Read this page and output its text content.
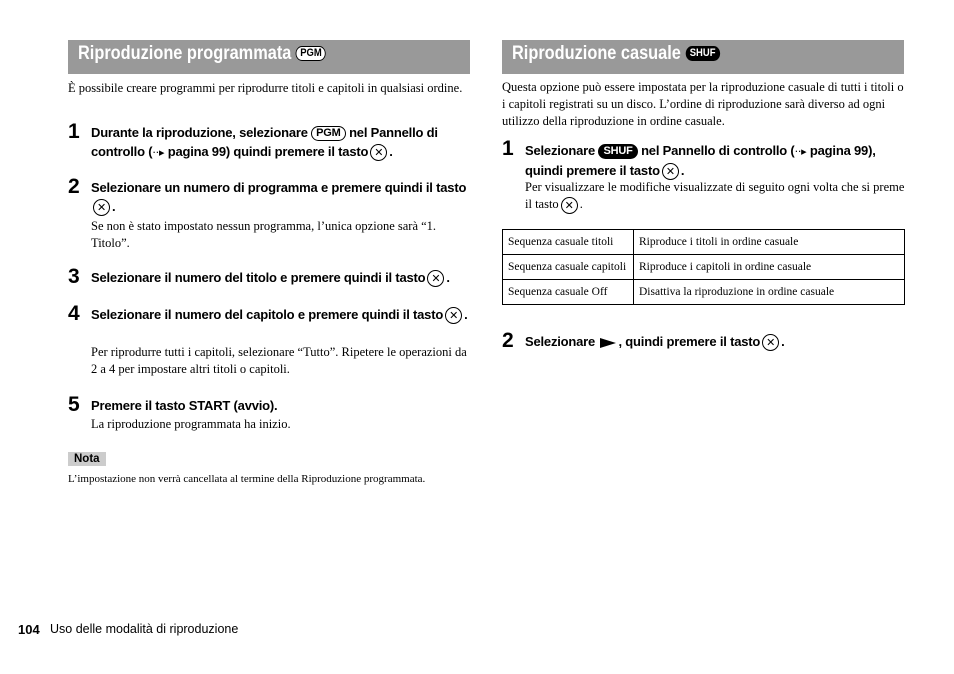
Riproduzione programmata PGM
È possibile creare programmi per riprodurre titoli e capitoli in qualsiasi ordine.
1 Durante la riproduzione, selezionare PGM nel Pannello di controllo (··▸ pagina 99) quindi premere il tasto ✕ .
2 Selezionare un numero di programma e premere quindi il tasto✕ .
Se non è stato impostato nessun programma, l’unica opzione sarà “1. Titolo”.
3 Selezionare il numero del titolo e premere quindi il tasto ✕ .
4 Selezionare il numero del capitolo e premere quindi il tasto ✕ .
Per riprodurre tutti i capitoli, selezionare “Tutto”. Ripetere le operazioni da 2 a 4 per impostare altri titoli o capitoli.
5 Premere il tasto START (avvio).
La riproduzione programmata ha inizio.
Nota
L’impostazione non verrà cancellata al termine della Riproduzione programmata.
Riproduzione casuale SHUF
Questa opzione può essere impostata per la riproduzione casuale di tutti i titoli o i capitoli registrati su un disco. L’ordine di riproduzione sarà diverso ad ogni utilizzo della riproduzione in ordine casuale.
1 Selezionare SHUF nel Pannello di controllo (··▸ pagina 99), quindi premere il tasto ✕ .
Per visualizzare le modifiche visualizzate di seguito ogni volta che si preme il tasto ✕ .
Sequenza casuale titoli	Riproduce i titoli in ordine casuale
Sequenza casuale capitoli	Riproduce i capitoli in ordine casuale
Sequenza casuale Off	Disattiva la riproduzione in ordine casuale
2 Selezionare , quindi premere il tasto ✕ .
104 Uso delle modalità di riproduzione
